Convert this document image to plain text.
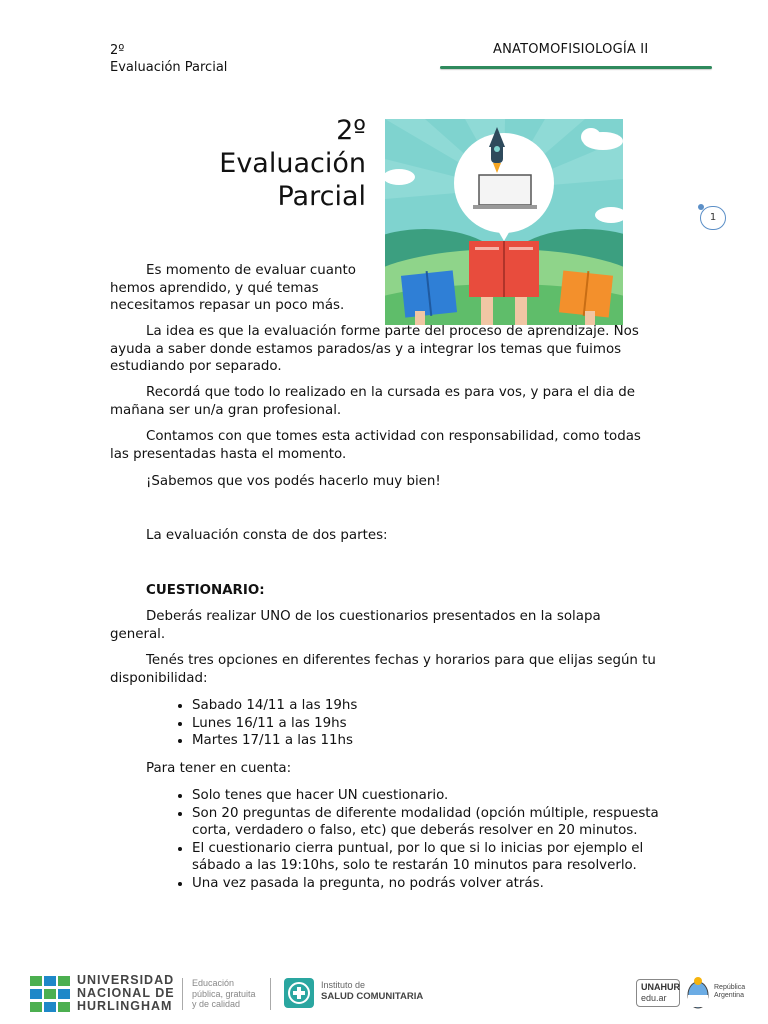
2º
Evaluación Parcial
ANATOMOFISIOLOGÍA II
2º
Evaluación
Parcial
1

Es momento de evaluar cuanto hemos aprendido, y qué temas necesitamos repasar un poco más.

La idea es que la evaluación forme parte del proceso de aprendizaje. Nos ayuda a saber donde estamos parados/as y a integrar los temas que fuimos estudiando por separado.

Recordá que todo lo realizado en la cursada es para vos, y para el dia de mañana ser un/a gran profesional.

Contamos con que tomes esta actividad con responsabilidad, como todas las presentadas hasta el momento.

¡Sabemos que vos podés hacerlo muy bien!

La evaluación consta de dos partes:

CUESTIONARIO:

Deberás realizar UNO de los cuestionarios presentados en la solapa general.

Tenés tres opciones en diferentes fechas y horarios para que elijas según tu disponibilidad:

• Sabado 14/11 a las 19hs
• Lunes 16/11 a las 19hs
• Martes 17/11 a las 11hs

Para tener en cuenta:

• Solo tenes que hacer UN cuestionario.
• Son 20 preguntas de diferente modalidad (opción múltiple, respuesta corta, verdadero o falso, etc) que deberás resolver en 20 minutos.
• El cuestionario cierra puntual, por lo que si lo inicias por ejemplo el sábado a las 19:10hs, solo te restarán 10 minutos para resolverlo.
• Una vez pasada la pregunta, no podrás volver atrás.
UNIVERSIDAD
NACIONAL DE
HURLINGHAM
Educación
pública, gratuita
y de calidad
Instituto de
SALUD COMUNITARIA
UNAHUR
edu.ar
República
Argentina
